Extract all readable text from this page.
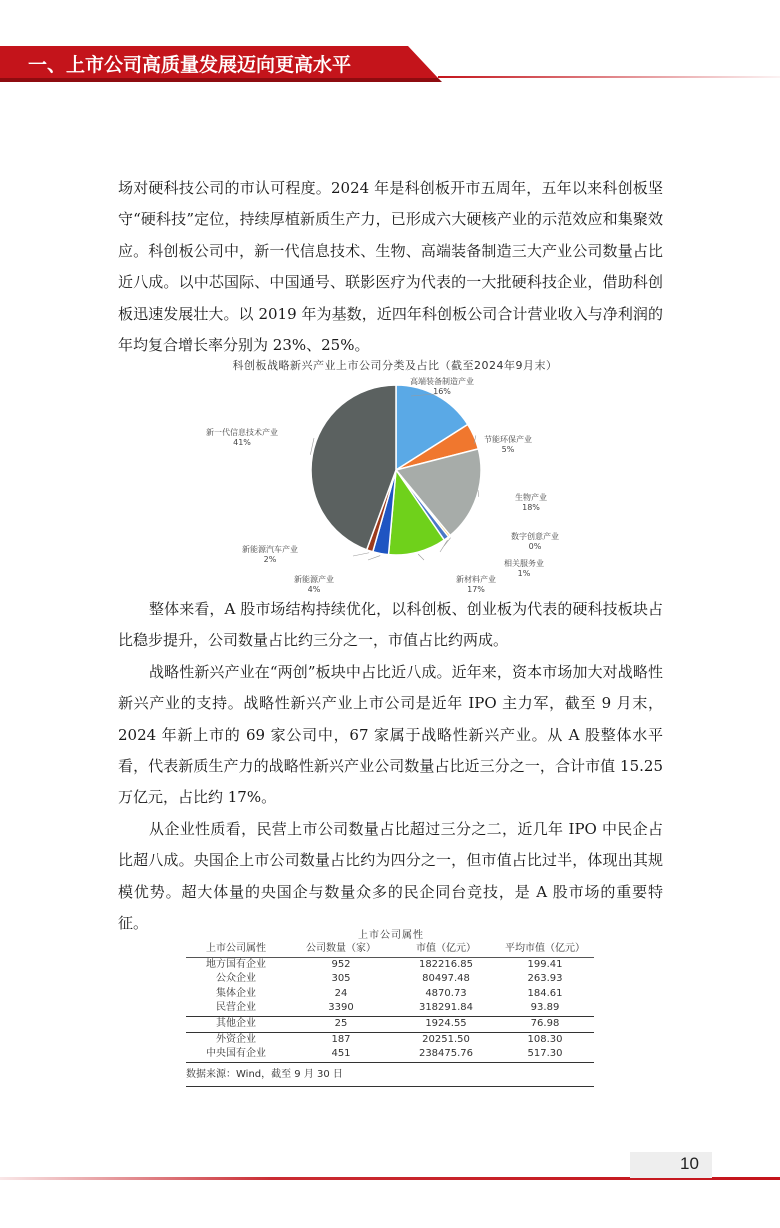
一、上市公司高质量发展迈向更高水平

场对硬科技公司的市认可程度。2024 年是科创板开市五周年，五年以来科创板坚守“硬科技”定位，持续厚植新质生产力，已形成六大硬核产业的示范效应和集聚效应。科创板公司中，新一代信息技术、生物、高端装备制造三大产业公司数量占比近八成。以中芯国际、中国通号、联影医疗为代表的一大批硬科技企业，借助科创板迅速发展壮大。以 2019 年为基数，近四年科创板公司合计营业收入与净利润的年均复合增长率分别为 23%、25%。

科创板战略新兴产业上市公司分类及占比（截至2024年9月末）
高端装备制造产业
16%
节能环保产业
5%
生物产业
18%
数字创意产业
0%
相关服务业
1%
新材料产业
17%
新能源产业
4%
新能源汽车产业
2%
新一代信息技术产业
41%

整体来看，A 股市场结构持续优化，以科创板、创业板为代表的硬科技板块占比稳步提升，公司数量占比约三分之一，市值占比约两成。

战略性新兴产业在“两创”板块中占比近八成。近年来，资本市场加大对战略性新兴产业的支持。战略性新兴产业上市公司是近年 IPO 主力军，截至 9 月末，2024 年新上市的 69 家公司中，67 家属于战略性新兴产业。从 A 股整体水平看，代表新质生产力的战略性新兴产业公司数量占比近三分之一，合计市值 15.25 万亿元，占比约 17%。

从企业性质看，民营上市公司数量占比超过三分之二，近几年 IPO 中民企占比超八成。央国企上市公司数量占比约为四分之一，但市值占比过半，体现出其规模优势。超大体量的央国企与数量众多的民企同台竞技，是 A 股市场的重要特征。

上市公司属性
上市公司属性	公司数量（家）	市值（亿元）	平均市值（亿元）
地方国有企业	952	182216.85	199.41
公众企业	305	80497.48	263.93
集体企业	24	4870.73	184.61
民营企业	3390	318291.84	93.89
其他企业	25	1924.55	76.98
外资企业	187	20251.50	108.30
中央国有企业	451	238475.76	517.30
数据来源：Wind，截至 9 月 30 日
10
